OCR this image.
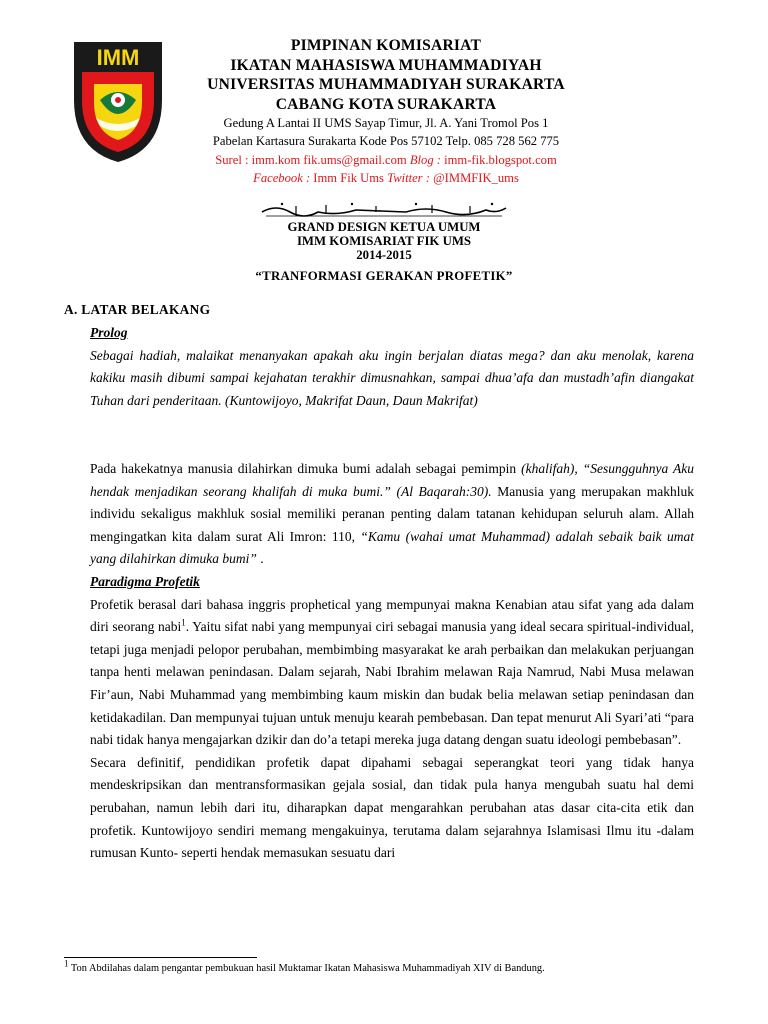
IMM	PIMPINAN KOMISARIAT
IKATAN MAHASISWA MUHAMMADIYAH
UNIVERSITAS MUHAMMADIYAH SURAKARTA
CABANG KOTA SURAKARTA
Gedung A Lantai II UMS Sayap Timur, Jl. A. Yani Tromol Pos 1
Pabelan Kartasura Surakarta Kode Pos 57102 Telp. 085 728 562 775
Surel : imm.kom fik.ums@gmail.com Blog : imm-fik.blogspot.com
Facebook : Imm Fik Ums Twitter : @IMMFIK_ums
GRAND DESIGN KETUA UMUM
IMM KOMISARIAT FIK UMS
2014-2015
“TRANFORMASI GERAKAN PROFETIK”
A. LATAR BELAKANG
Prolog
Sebagai hadiah, malaikat menanyakan apakah aku ingin berjalan diatas mega? dan aku menolak, karena kakiku masih dibumi sampai kejahatan terakhir dimusnahkan, sampai dhua’afa dan mustadh’afin diangakat Tuhan dari penderitaan. (Kuntowijoyo, Makrifat Daun, Daun Makrifat)
Pada hakekatnya manusia dilahirkan dimuka bumi adalah sebagai pemimpin (khalifah), “Sesungguhnya Aku hendak menjadikan seorang khalifah di muka bumi.” (Al Baqarah:30). Manusia yang merupakan makhluk individu sekaligus makhluk sosial memiliki peranan penting dalam tatanan kehidupan seluruh alam. Allah mengingatkan kita dalam surat Ali Imron: 110, “Kamu (wahai umat Muhammad) adalah sebaik baik umat yang dilahirkan dimuka bumi” .
Paradigma Profetik
Profetik berasal dari bahasa inggris prophetical yang mempunyai makna Kenabian atau sifat yang ada dalam diri seorang nabi$^1$. Yaitu sifat nabi yang mempunyai ciri sebagai manusia yang ideal secara spiritual-individual, tetapi juga menjadi pelopor perubahan, membimbing masyarakat ke arah perbaikan dan melakukan perjuangan tanpa henti melawan penindasan. Dalam sejarah, Nabi Ibrahim melawan Raja Namrud, Nabi Musa melawan Fir’aun, Nabi Muhammad yang membimbing kaum miskin dan budak belia melawan setiap penindasan dan ketidakadilan. Dan mempunyai tujuan untuk menuju kearah pembebasan. Dan tepat menurut Ali Syari’ati “para nabi tidak hanya mengajarkan dzikir dan do’a tetapi mereka juga datang dengan suatu ideologi pembebasan”.
Secara definitif, pendidikan profetik dapat dipahami sebagai seperangkat teori yang tidak hanya mendeskripsikan dan mentransformasikan gejala sosial, dan tidak pula hanya mengubah suatu hal demi perubahan, namun lebih dari itu, diharapkan dapat mengarahkan perubahan atas dasar cita-cita etik dan profetik. Kuntowijoyo sendiri memang mengakuinya, terutama dalam sejarahnya Islamisasi Ilmu itu -dalam rumusan Kunto- seperti hendak memasukan sesuatu dari
$^1$ Ton Abdilahas dalam pengantar pembukuan hasil Muktamar Ikatan Mahasiswa Muhammadiyah XIV di Bandung.
